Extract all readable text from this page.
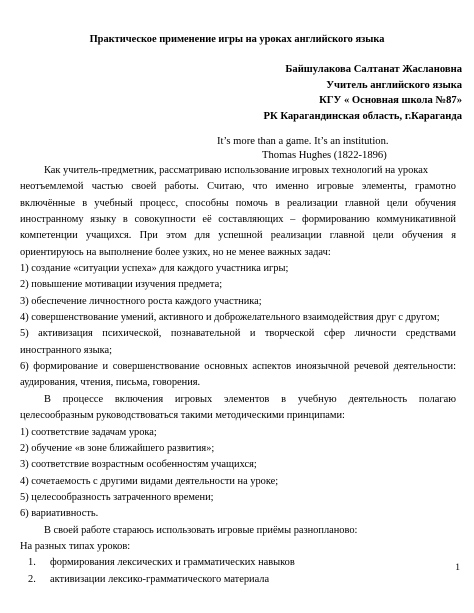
Практическое применение игры на уроках английского языка
Байшулакова Салтанат Жаслановна
Учитель английского языка
КГУ « Основная школа №87»
РК Карагандинская область, г.Караганда
It’s more than a game. It’s an institution.
Thomas Hughes (1822-1896)

Как учитель-предметник, рассматриваю использование игровых технологий на уроках

неотъемлемой частью своей работы. Считаю, что именно игровые элементы, грамотно включённые в учебный процесс, способны помочь в реализации главной цели обучения иностранному языку в совокупности её составляющих – формированию коммуникативной компетенции учащихся. При этом для успешной реализации главной цели обучения я ориентируюсь на выполнение более узких, но не менее важных задач:

1) создание «ситуации успеха» для каждого участника игры;

2) повышение мотивации изучения предмета;

3) обеспечение личностного роста каждого участника;

4) совершенствование умений, активного и доброжелательного взаимодействия друг с другом;

5) активизация психической, познавательной и творческой сфер личности средствами иностранного языка;

6) формирование и совершенствование основных аспектов иноязычной речевой деятельности: аудирования, чтения, письма, говорения.

В процессе включения игровых элементов в учебную деятельность полагаю целесообразным руководствоваться такими методическими принципами:

1) соответствие задачам урока;

2) обучение «в зоне ближайшего развития»;

3) соответствие возрастным особенностям учащихся;

4) сочетаемость с другими видами деятельности на уроке;

5) целесообразность затраченного времени;

6) вариативность.

В своей работе стараюсь использовать игровые приёмы разнопланово:

На разных типах уроков:

1. формирования лексических и грамматических навыков
2. активизации лексико-грамматического материала
1
